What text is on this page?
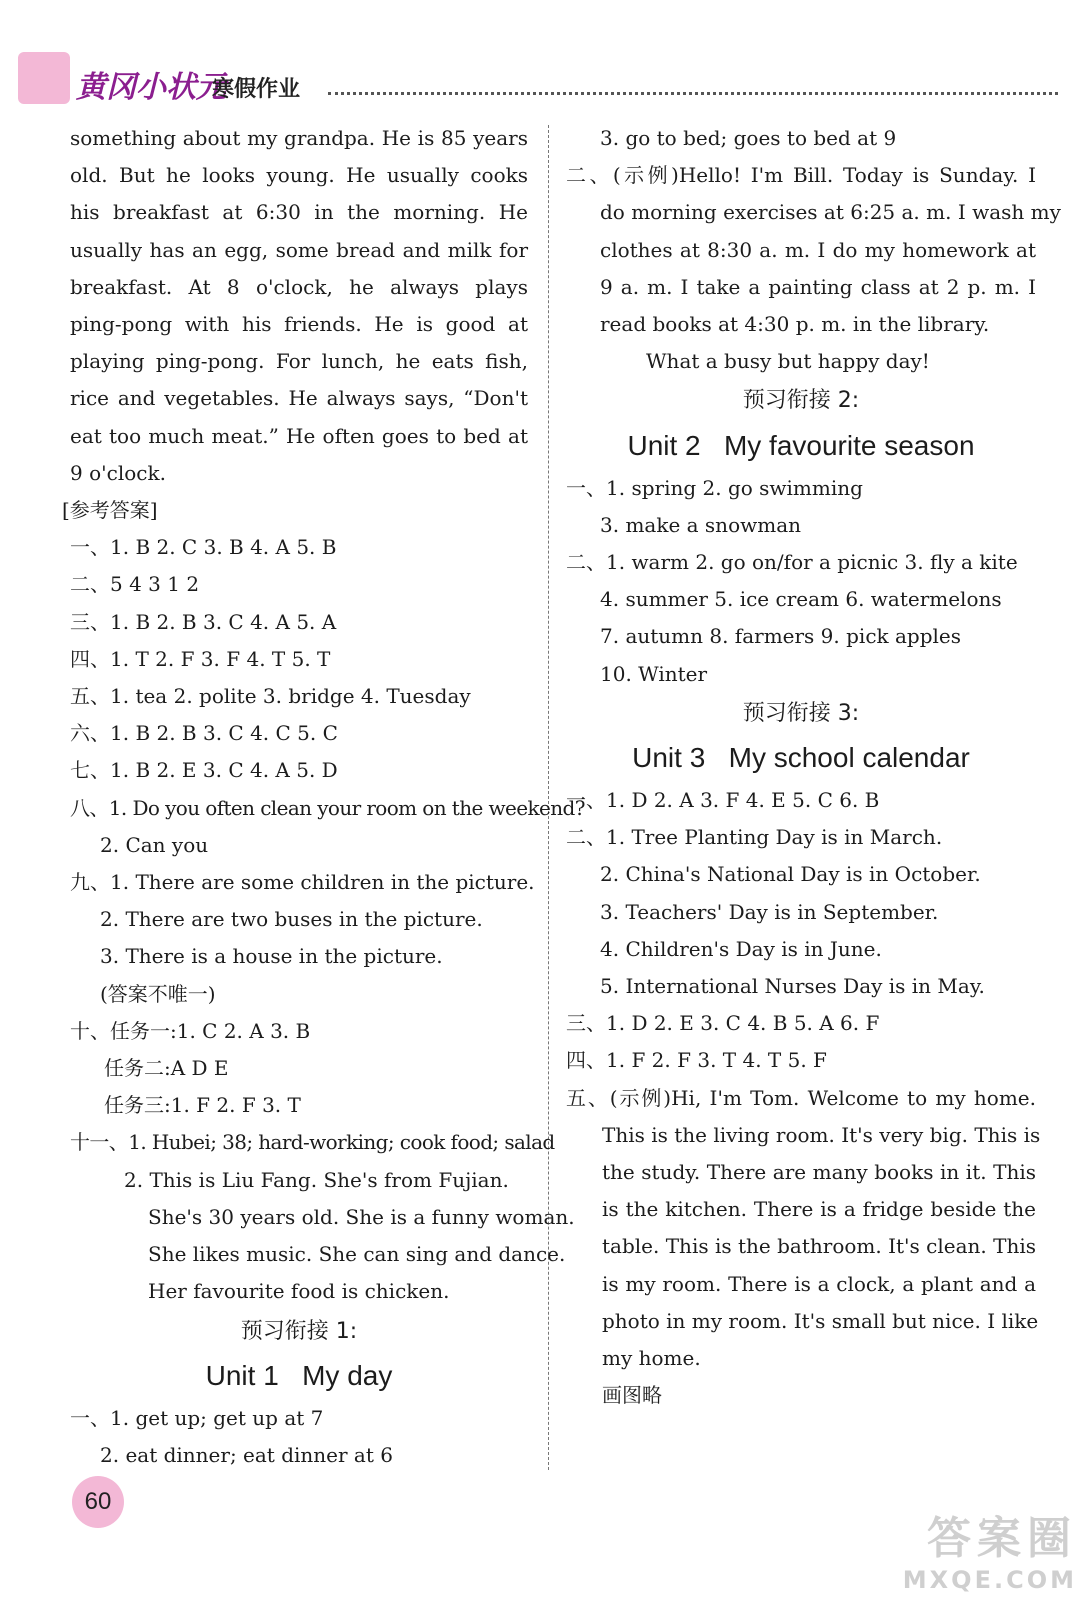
黄冈小状元
寒假作业

something about my grandpa. He is 85 years

old. But he looks young. He usually cooks

his breakfast at 6:30 in the morning. He

usually has an egg, some bread and milk for

breakfast. At 8 o'clock, he always plays

ping-pong with his friends. He is good at

playing ping-pong. For lunch, he eats fish,

rice and vegetables. He always says, “Don't

eat too much meat.” He often goes to bed at

9 o'clock.

[参考答案]

一、1. B 2. C 3. B 4. A 5. B

二、5 4 3 1 2

三、1. B 2. B 3. C 4. A 5. A

四、1. T 2. F 3. F 4. T 5. T

五、1. tea 2. polite 3. bridge 4. Tuesday

六、1. B 2. B 3. C 4. C 5. C

七、1. B 2. E 3. C 4. A 5. D

八、1. Do you often clean your room on the weekend?

2. Can you

九、1. There are some children in the picture.

2. There are two buses in the picture.

3. There is a house in the picture.

(答案不唯一)

十、任务一:1. C 2. A 3. B

任务二:A D E

任务三:1. F 2. F 3. T

十一、1. Hubei; 38; hard-working; cook food; salad

2. This is Liu Fang. She's from Fujian.

She's 30 years old. She is a funny woman.

She likes music. She can sing and dance.

Her favourite food is chicken.

预习衔接 1:

Unit 1   My day

一、1. get up; get up at 7

2. eat dinner; eat dinner at 6

3. go to bed; goes to bed at 9

二、(示例)Hello! I'm Bill. Today is Sunday. I

do morning exercises at 6:25 a. m. I wash my

clothes at 8:30 a. m. I do my homework at

9 a. m. I take a painting class at 2 p. m. I

read books at 4:30 p. m. in the library.

What a busy but happy day!

预习衔接 2:

Unit 2   My favourite season

一、1. spring 2. go swimming

3. make a snowman

二、1. warm 2. go on/for a picnic 3. fly a kite

4. summer 5. ice cream 6. watermelons

7. autumn 8. farmers 9. pick apples

10. Winter

预习衔接 3:

Unit 3   My school calendar

一、1. D 2. A 3. F 4. E 5. C 6. B

二、1. Tree Planting Day is in March.

2. China's National Day is in October.

3. Teachers' Day is in September.

4. Children's Day is in June.

5. International Nurses Day is in May.

三、1. D 2. E 3. C 4. B 5. A 6. F

四、1. F 2. F 3. T 4. T 5. F

五、(示例)Hi, I'm Tom. Welcome to my home.

This is the living room. It's very big. This is

the study. There are many books in it. This

is the kitchen. There is a fridge beside the

table. This is the bathroom. It's clean. This

is my room. There is a clock, a plant and a

photo in my room. It's small but nice. I like

my home.

画图略

60
答案圈
MXQE.COM
